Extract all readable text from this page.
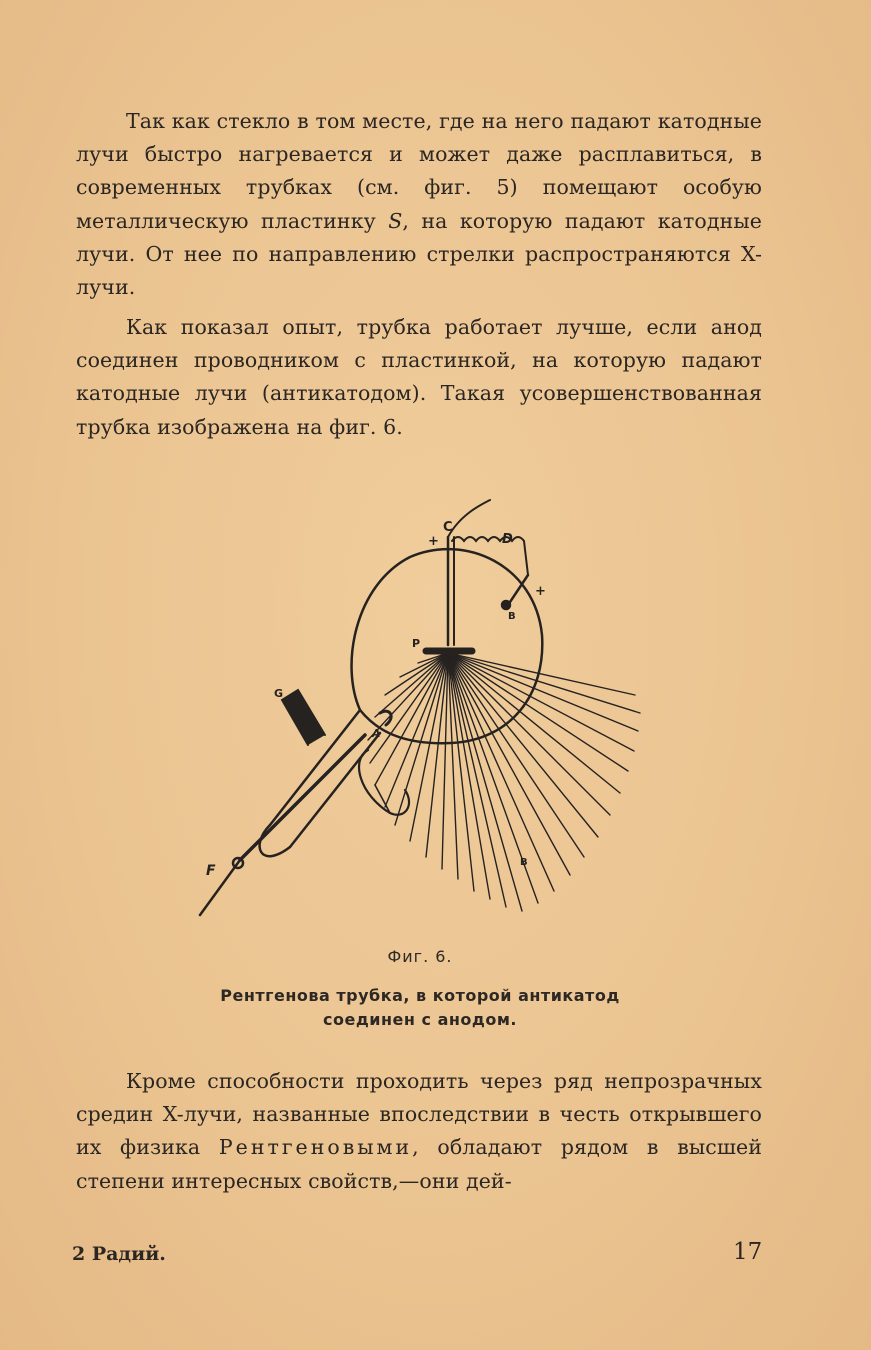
Так как стекло в том месте, где на него падают катодные лучи быстро нагревается и может даже расплавиться, в современных трубках (см. фиг. 5) помещают особую металлическую пластинку S, на которую падают катодные лучи. От нее по направлению стрелки распространяются X-лучи.

Как показал опыт, трубка работает лучше, если анод соединен проводником с пластинкой, на которую падают катодные лучи (антикатодом). Такая усовершенствованная трубка изображена на фиг. 6.

+
C
D
+
B
P
G
A
F
B
Фиг. 6.
Рентгенова трубка, в которой антикатод соединен с анодом.

Кроме способности проходить через ряд непрозрачных средин X-лучи, названные впоследствии в честь открывшего их физика Рентгеновыми, обладают рядом в высшей степени интересных свойств,—они дей-

2 Радий.	17
